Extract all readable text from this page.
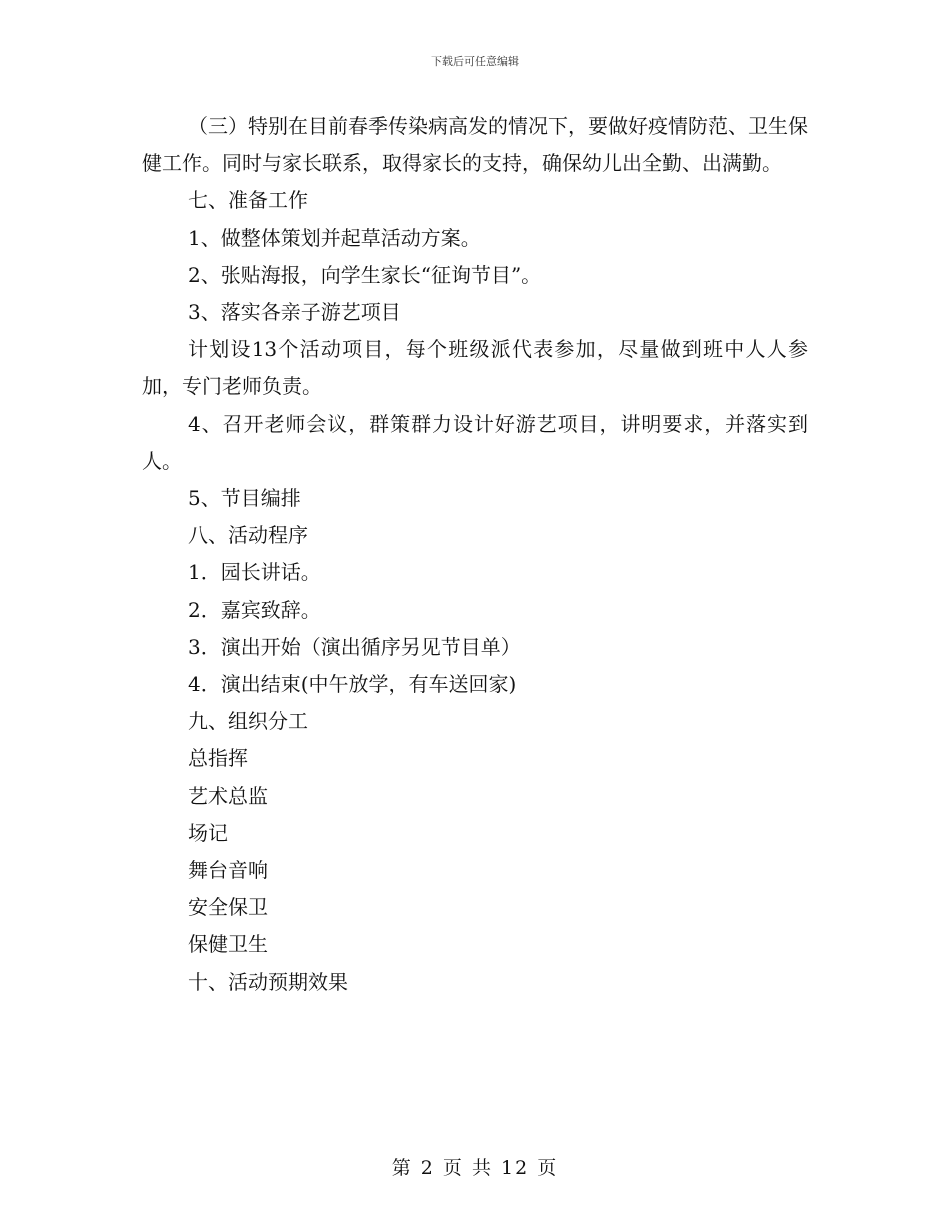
下载后可任意编辑

（三）特别在目前春季传染病高发的情况下，要做好疫情防范、卫生保健工作。同时与家长联系，取得家长的支持，确保幼儿出全勤、出满勤。

七、准备工作

1、做整体策划并起草活动方案。

2、张贴海报，向学生家长“征询节目”。

3、落实各亲子游艺项目

计划设13个活动项目，每个班级派代表参加，尽量做到班中人人参加，专门老师负责。

4、召开老师会议，群策群力设计好游艺项目，讲明要求，并落实到人。

5、节目编排

八、活动程序

1．园长讲话。

2．嘉宾致辞。

3．演出开始（演出循序另见节目单）

4．演出结束(中午放学，有车送回家)

九、组织分工

总指挥

艺术总监

场记

舞台音响

安全保卫

保健卫生

十、活动预期效果

第 2 页 共 12 页
